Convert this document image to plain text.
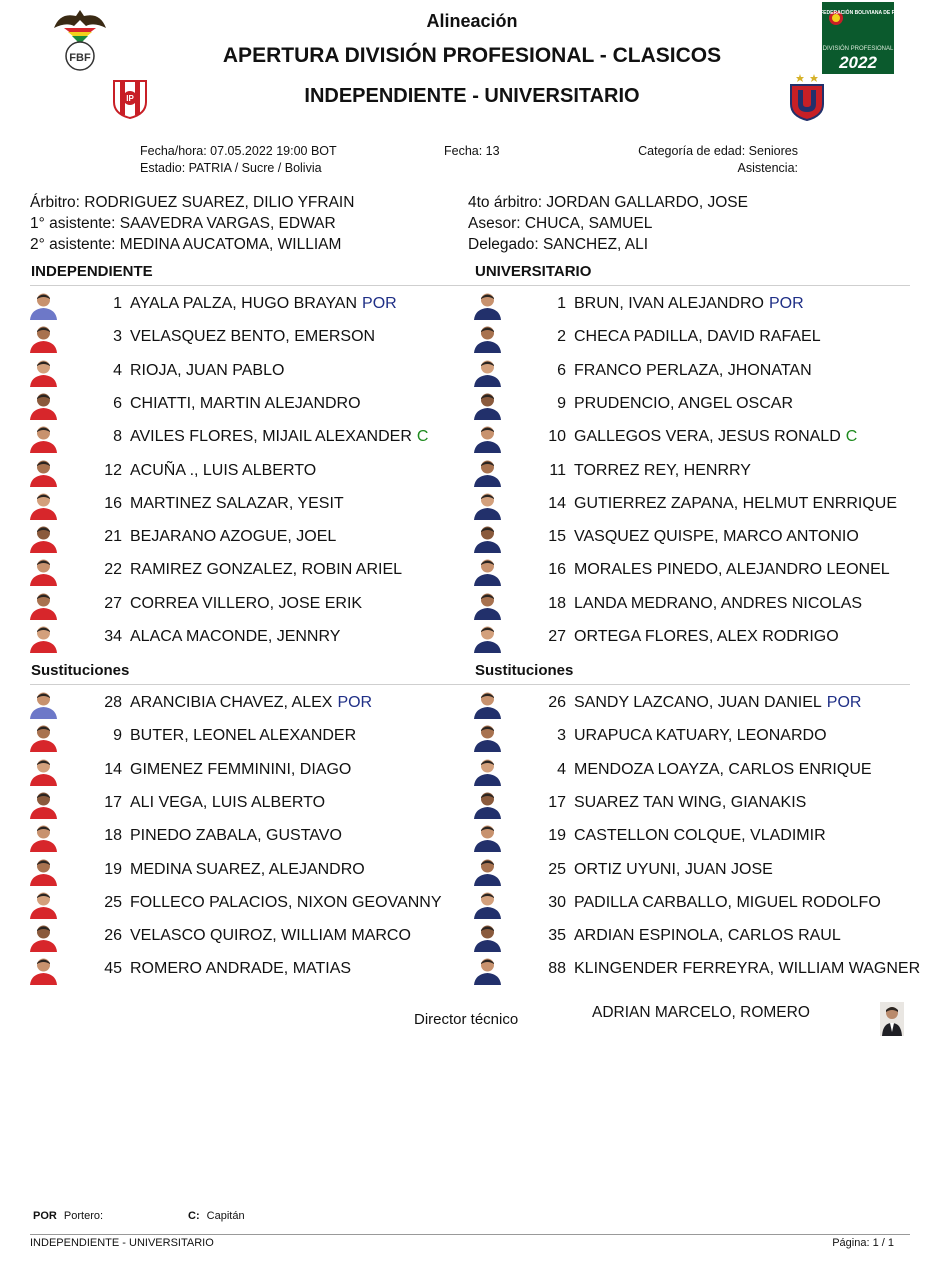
FBF
IP
FEDERACIÓN BOLIVIANA DE FÚTBOL
DIVISIÓN PROFESIONAL
2022
Alineación
APERTURA DIVISIÓN PROFESIONAL - CLASICOS
INDEPENDIENTE - UNIVERSITARIO
Fecha/hora: 07.05.2022 19:00 BOT
Estadio: PATRIA / Sucre / Bolivia
Fecha: 13	Categoría de edad: Seniores
Asistencia:
Árbitro: RODRIGUEZ SUAREZ, DILIO YFRAIN
1° asistente: SAAVEDRA VARGAS, EDWAR
2° asistente: MEDINA AUCATOMA, WILLIAM
4to árbitro: JORDAN GALLARDO, JOSE
Asesor: CHUCA, SAMUEL
Delegado: SANCHEZ, ALI
INDEPENDIENTE	UNIVERSITARIO
Sustituciones	Sustituciones
1 AYALA PALZA, HUGO BRAYAN POR
3 VELASQUEZ BENTO, EMERSON
4 RIOJA, JUAN PABLO
6 CHIATTI, MARTIN ALEJANDRO
8 AVILES FLORES, MIJAIL ALEXANDER C
12 ACUÑA ., LUIS ALBERTO
16 MARTINEZ SALAZAR, YESIT
21 BEJARANO AZOGUE, JOEL
22 RAMIREZ GONZALEZ, ROBIN ARIEL
27 CORREA VILLERO, JOSE ERIK
34 ALACA MACONDE, JENNRY
1 BRUN, IVAN ALEJANDRO POR
2 CHECA PADILLA, DAVID RAFAEL
6 FRANCO PERLAZA, JHONATAN
9 PRUDENCIO, ANGEL OSCAR
10 GALLEGOS VERA, JESUS RONALD C
11 TORREZ REY, HENRRY
14 GUTIERREZ ZAPANA, HELMUT ENRRIQUE
15 VASQUEZ QUISPE, MARCO ANTONIO
16 MORALES PINEDO, ALEJANDRO LEONEL
18 LANDA MEDRANO, ANDRES NICOLAS
27 ORTEGA FLORES, ALEX RODRIGO
28 ARANCIBIA CHAVEZ, ALEX POR
9 BUTER, LEONEL ALEXANDER
14 GIMENEZ FEMMININI, DIAGO
17 ALI VEGA, LUIS ALBERTO
18 PINEDO ZABALA, GUSTAVO
19 MEDINA SUAREZ, ALEJANDRO
25 FOLLECO PALACIOS, NIXON GEOVANNY
26 VELASCO QUIROZ, WILLIAM MARCO
45 ROMERO ANDRADE, MATIAS
26 SANDY LAZCANO, JUAN DANIEL POR
3 URAPUCA KATUARY, LEONARDO
4 MENDOZA LOAYZA, CARLOS ENRIQUE
17 SUAREZ TAN WING, GIANAKIS
19 CASTELLON COLQUE, VLADIMIR
25 ORTIZ UYUNI, JUAN JOSE
30 PADILLA CARBALLO, MIGUEL RODOLFO
35 ARDIAN ESPINOLA, CARLOS RAUL
88 KLINGENDER FERREYRA, WILLIAM WAGNER
Director técnico	ADRIAN MARCELO, ROMERO
POR Portero:	C: Capitán
INDEPENDIENTE - UNIVERSITARIO	Página: 1 / 1
